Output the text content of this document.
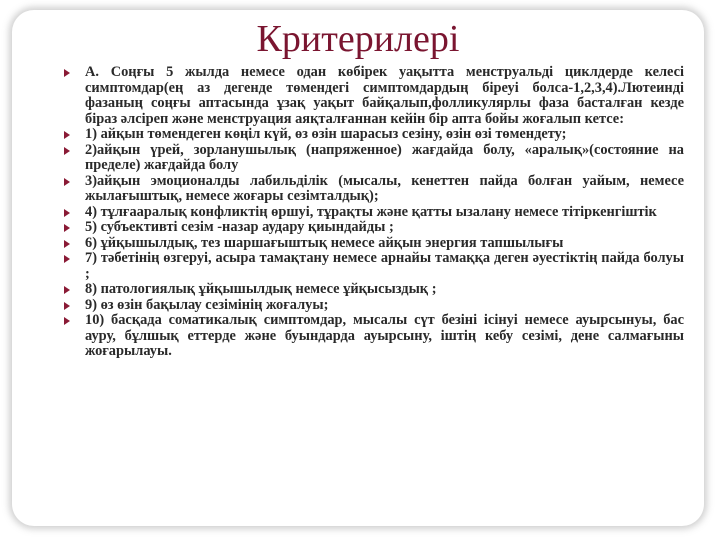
Критерилері
А. Соңғы 5 жылда немесе одан көбірек уақытта менструальді циклдерде келесі симптомдар(ең аз дегенде төмендегі симптомдардың біреуі болса-1,2,3,4).Лютеинді фазаның соңғы аптасында ұзақ уақыт байқалып,фолликулярлы фаза басталған кезде біраз әлсіреп және менструация аяқталғаннан кейін бір апта бойы жоғалып кетсе:
1) айқын төмендеген көңіл күй, өз өзін шарасыз сезіну, өзін өзі төмендету;
2)айқын үрей, зорланушылық (напряженное) жағдайда болу, «аралық»(состояние на пределе) жағдайда болу
3)айқын эмоционалды лабильділік (мысалы, кенеттен пайда болған уайым, немесе жылағыштық, немесе жоғары сезімталдық);
4) тұлғааралық конфликтің өршуі, тұрақты және қатты ызалану немесе тітіркенгіштік
5) субъективті сезім -назар аудару қиындайды ;
6) ұйқышылдық, тез шаршағыштық немесе айқын энергия тапшылығы
7) тәбетінің өзгеруі, асыра тамақтану немесе арнайы тамаққа деген әуестіктің пайда болуы ;
8) патологиялық ұйқышылдық немесе ұйқысыздық ;
9) өз өзін бақылау сезімінің жоғалуы;
10) басқада соматикалық симптомдар, мысалы сүт безіні ісінуі немесе ауырсынуы, бас ауру, бұлшық еттерде және буындарда ауырсыну, іштің кебу сезімі, дене салмағыны жоғарылауы.
